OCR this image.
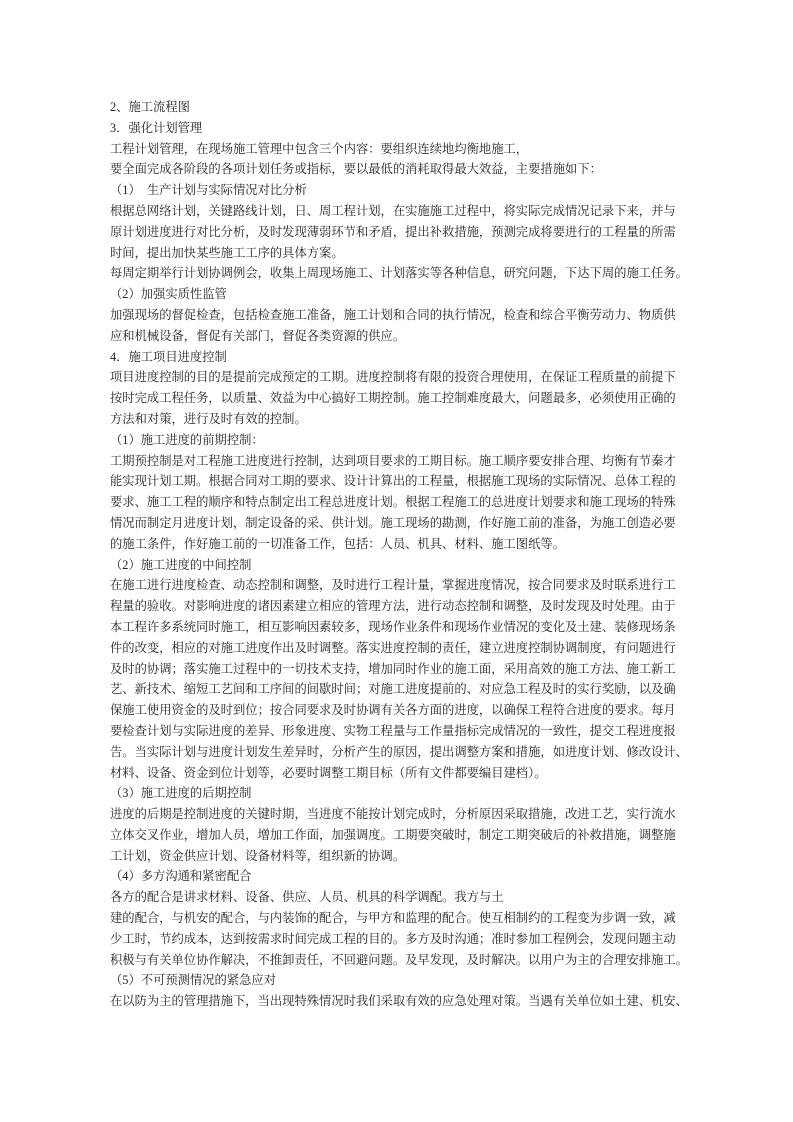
2、施工流程图
3．强化计划管理
工程计划管理，在现场施工管理中包含三个内容：要组织连续地均衡地施工，
要全面完成各阶段的各项计划任务或指标，要以最低的消耗取得最大效益，主要措施如下：
（1）　生产计划与实际情况对比分析
根据总网络计划，关键路线计划，日、周工程计划，在实施施工过程中，将实际完成情况记录下来，并与
原计划进度进行对比分析，及时发现薄弱环节和矛盾，提出补救措施，预测完成将要进行的工程量的所需
时间，提出加快某些施工工序的具体方案。
每周定期举行计划协调例会，收集上周现场施工、计划落实等各种信息，研究问题，下达下周的施工任务。
（2）加强实质性监管
加强现场的督促检查，包括检查施工准备，施工计划和合同的执行情况，检查和综合平衡劳动力、物质供
应和机械设备，督促有关部门，督促各类资源的供应。
4．施工项目进度控制
项目进度控制的目的是提前完成预定的工期。进度控制将有限的投资合理使用，在保证工程质量的前提下
按时完成工程任务，以质量、效益为中心搞好工期控制。施工控制难度最大，问题最多，必须使用正确的
方法和对策，进行及时有效的控制。
（1）施工进度的前期控制：
工期预控制是对工程施工进度进行控制，达到项目要求的工期目标。施工顺序要安排合理、均衡有节秦才
能实现计划工期。根据合同对工期的要求、设计计算出的工程量，根据施工现场的实际情况、总体工程的
要求、施工工程的顺序和特点制定出工程总进度计划。根据工程施工的总进度计划要求和施工现场的特殊
情况而制定月进度计划，制定设备的采、供计划。施工现场的勘测，作好施工前的准备，为施工创造必要
的施工条件，作好施工前的一切准备工作，包括：人员、机具、材料、施工图纸等。
（2）施工进度的中间控制
在施工进行进度检查、动态控制和调整，及时进行工程计量，掌握进度情况，按合同要求及时联系进行工
程量的验收。对影响进度的诸因素建立相应的管理方法，进行动态控制和调整，及时发现及时处理。由于
本工程许多系统同时施工，相互影响因素较多，现场作业条件和现场作业情况的变化及土建、装修现场条
件的改变，相应的对施工进度作出及时调整。落实进度控制的责任，建立进度控制协调制度，有问题进行
及时的协调；落实施工过程中的一切技术支持，增加同时作业的施工面，采用高效的施工方法、施工新工
艺、新技术、缩短工艺间和工序间的间歇时间；对施工进度提前的、对应急工程及时的实行奖励，以及确
保施工使用资金的及时到位；按合同要求及时协调有关各方面的进度，以确保工程符合进度的要求。每月
要检查计划与实际进度的差异、形象进度、实物工程量与工作量指标完成情况的一致性，提交工程进度报
告。当实际计划与进度计划发生差异时，分析产生的原因，提出调整方案和措施，如进度计划、修改设计、
材料、设备、资金到位计划等，必要时调整工期目标（所有文件都要编目建档）。
（3）施工进度的后期控制
进度的后期是控制进度的关键时期，当进度不能按计划完成时，分析原因采取措施，改进工艺，实行流水
立体交叉作业，增加人员，增加工作面，加强调度。工期要突破时，制定工期突破后的补救措施，调整施
工计划，资金供应计划、设备材料等，组织新的协调。
（4）多方沟通和紧密配合
各方的配合是讲求材料、设备、供应、人员、机具的科学调配。我方与土
建的配合，与机安的配合，与内装饰的配合，与甲方和监理的配合。使互相制约的工程变为步调一致，减
少工时，节约成本，达到按需求时间完成工程的目的。多方及时沟通；准时参加工程例会，发现问题主动
积极与有关单位协作解决，不推卸责任，不回避问题。及早发现，及时解决。以用户为主的合理安排施工。
（5）不可预测情况的紧急应对
在以防为主的管理措施下，当出现特殊情况时我们采取有效的应急处理对策。当遇有关单位如土建、机安、
